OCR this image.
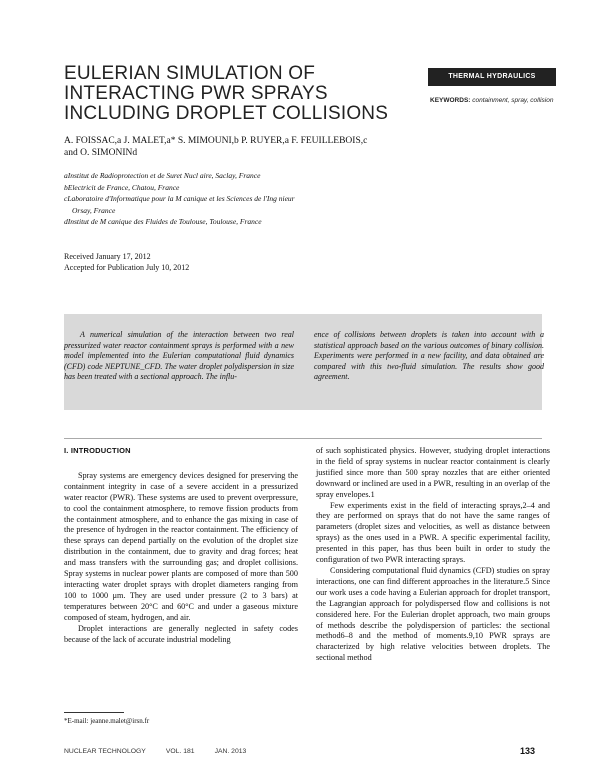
EULERIAN SIMULATION OF
INTERACTING PWR SPRAYS
INCLUDING DROPLET COLLISIONS
THERMAL HYDRAULICS
KEYWORDS: containment, spray, collision
A. FOISSAC,a J. MALET,a* S. MIMOUNI,b P. RUYER,a F. FEUILLEBOIS,c
and O. SIMONINd
aInstitut de Radioprotection et de Suret Nucl aire, Saclay, France
bElectricit de France, Chatou, France
cLaboratoire d'Informatique pour la M canique et les Sciences de l'Ing nieur
Orsay, France
dInstitut de M canique des Fluides de Toulouse, Toulouse, France
Received January 17, 2012
Accepted for Publication July 10, 2012

A numerical simulation of the interaction between two real pressurized water reactor containment sprays is performed with a new model implemented into the Eulerian computational fluid dynamics (CFD) code NEPTUNE_CFD. The water droplet polydispersion in size has been treated with a sectional approach. The influ-

ence of collisions between droplets is taken into account with a statistical approach based on the various outcomes of binary collision. Experiments were performed in a new facility, and data obtained are compared with this two-fluid simulation. The results show good agreement.

I. INTRODUCTION

Spray systems are emergency devices designed for preserving the containment integrity in case of a severe accident in a pressurized water reactor (PWR). These systems are used to prevent overpressure, to cool the containment atmosphere, to remove fission products from the containment atmosphere, and to enhance the gas mixing in case of the presence of hydrogen in the reactor containment. The efficiency of these sprays can depend partially on the evolution of the droplet size distribution in the containment, due to gravity and drag forces; heat and mass transfers with the surrounding gas; and droplet collisions. Spray systems in nuclear power plants are composed of more than 500 interacting water droplet sprays with droplet diameters ranging from 100 to 1000 μm. They are used under pressure (2 to 3 bars) at temperatures between 20°C and 60°C and under a gaseous mixture composed of steam, hydrogen, and air.

Droplet interactions are generally neglected in safety codes because of the lack of accurate industrial modeling

of such sophisticated physics. However, studying droplet interactions in the field of spray systems in nuclear reactor containment is clearly justified since more than 500 spray nozzles that are either oriented downward or inclined are used in a PWR, resulting in an overlap of the spray envelopes.1

Few experiments exist in the field of interacting sprays,2–4 and they are performed on sprays that do not have the same ranges of parameters (droplet sizes and velocities, as well as distance between sprays) as the ones used in a PWR. A specific experimental facility, presented in this paper, has thus been built in order to study the configuration of two PWR interacting sprays.

Considering computational fluid dynamics (CFD) studies on spray interactions, one can find different approaches in the literature.5 Since our work uses a code having a Eulerian approach for droplet transport, the Lagrangian approach for polydispersed flow and collisions is not considered here. For the Eulerian droplet approach, two main groups of methods describe the polydispersion of particles: the sectional method6–8 and the method of moments.9,10 PWR sprays are characterized by high relative velocities between droplets. The sectional method

*E-mail: jeanne.malet@irsn.fr
NUCLEAR TECHNOLOGY	VOL. 181	JAN. 2013	133
